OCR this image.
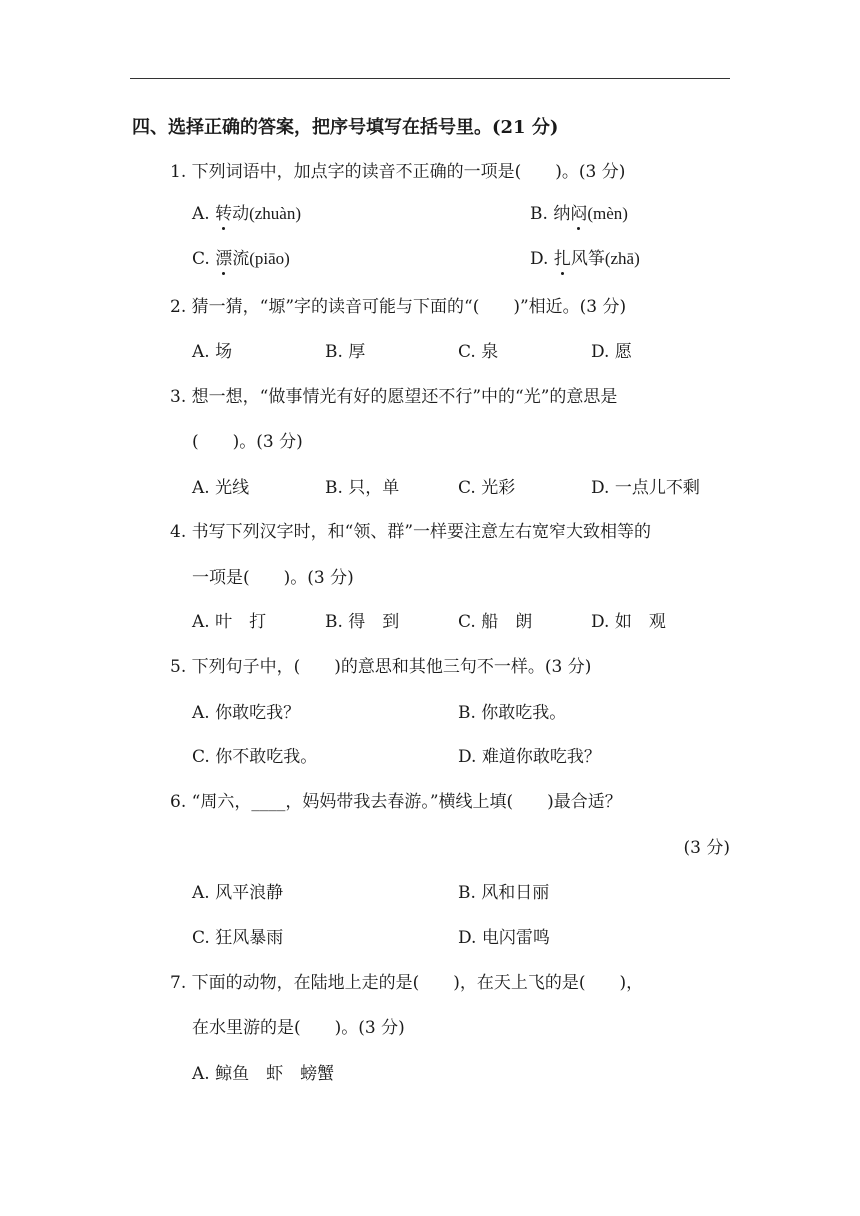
四、选择正确的答案，把序号填写在括号里。(21 分)
1. 下列词语中，加点字的读音不正确的一项是(　　)。(3 分)
A. 转动(zhuàn)	B. 纳闷(mèn)
C. 漂流(piāo)	D. 扎风筝(zhā)
2. 猜一猜，“塬”字的读音可能与下面的“(　　)”相近。(3 分)
A. 场	B. 厚	C. 泉	D. 愿
3. 想一想，“做事情光有好的愿望还不行”中的“光”的意思是
(　　)。(3 分)
A. 光线	B. 只，单	C. 光彩	D. 一点儿不剩
4. 书写下列汉字时，和“领、群”一样要注意左右宽窄大致相等的
一项是(　　)。(3 分)
A. 叶　打	B. 得　到	C. 船　朗	D. 如　观
5. 下列句子中，(　　)的意思和其他三句不一样。(3 分)
A. 你敢吃我？	B. 你敢吃我。
C. 你不敢吃我。	D. 难道你敢吃我？
6. “周六，____，妈妈带我去春游。”横线上填(　　)最合适？
(3 分)
A. 风平浪静	B. 风和日丽
C. 狂风暴雨	D. 电闪雷鸣
7. 下面的动物，在陆地上走的是(　　)，在天上飞的是(　　)，
在水里游的是(　　)。(3 分)
A. 鲸鱼　虾　螃蟹
